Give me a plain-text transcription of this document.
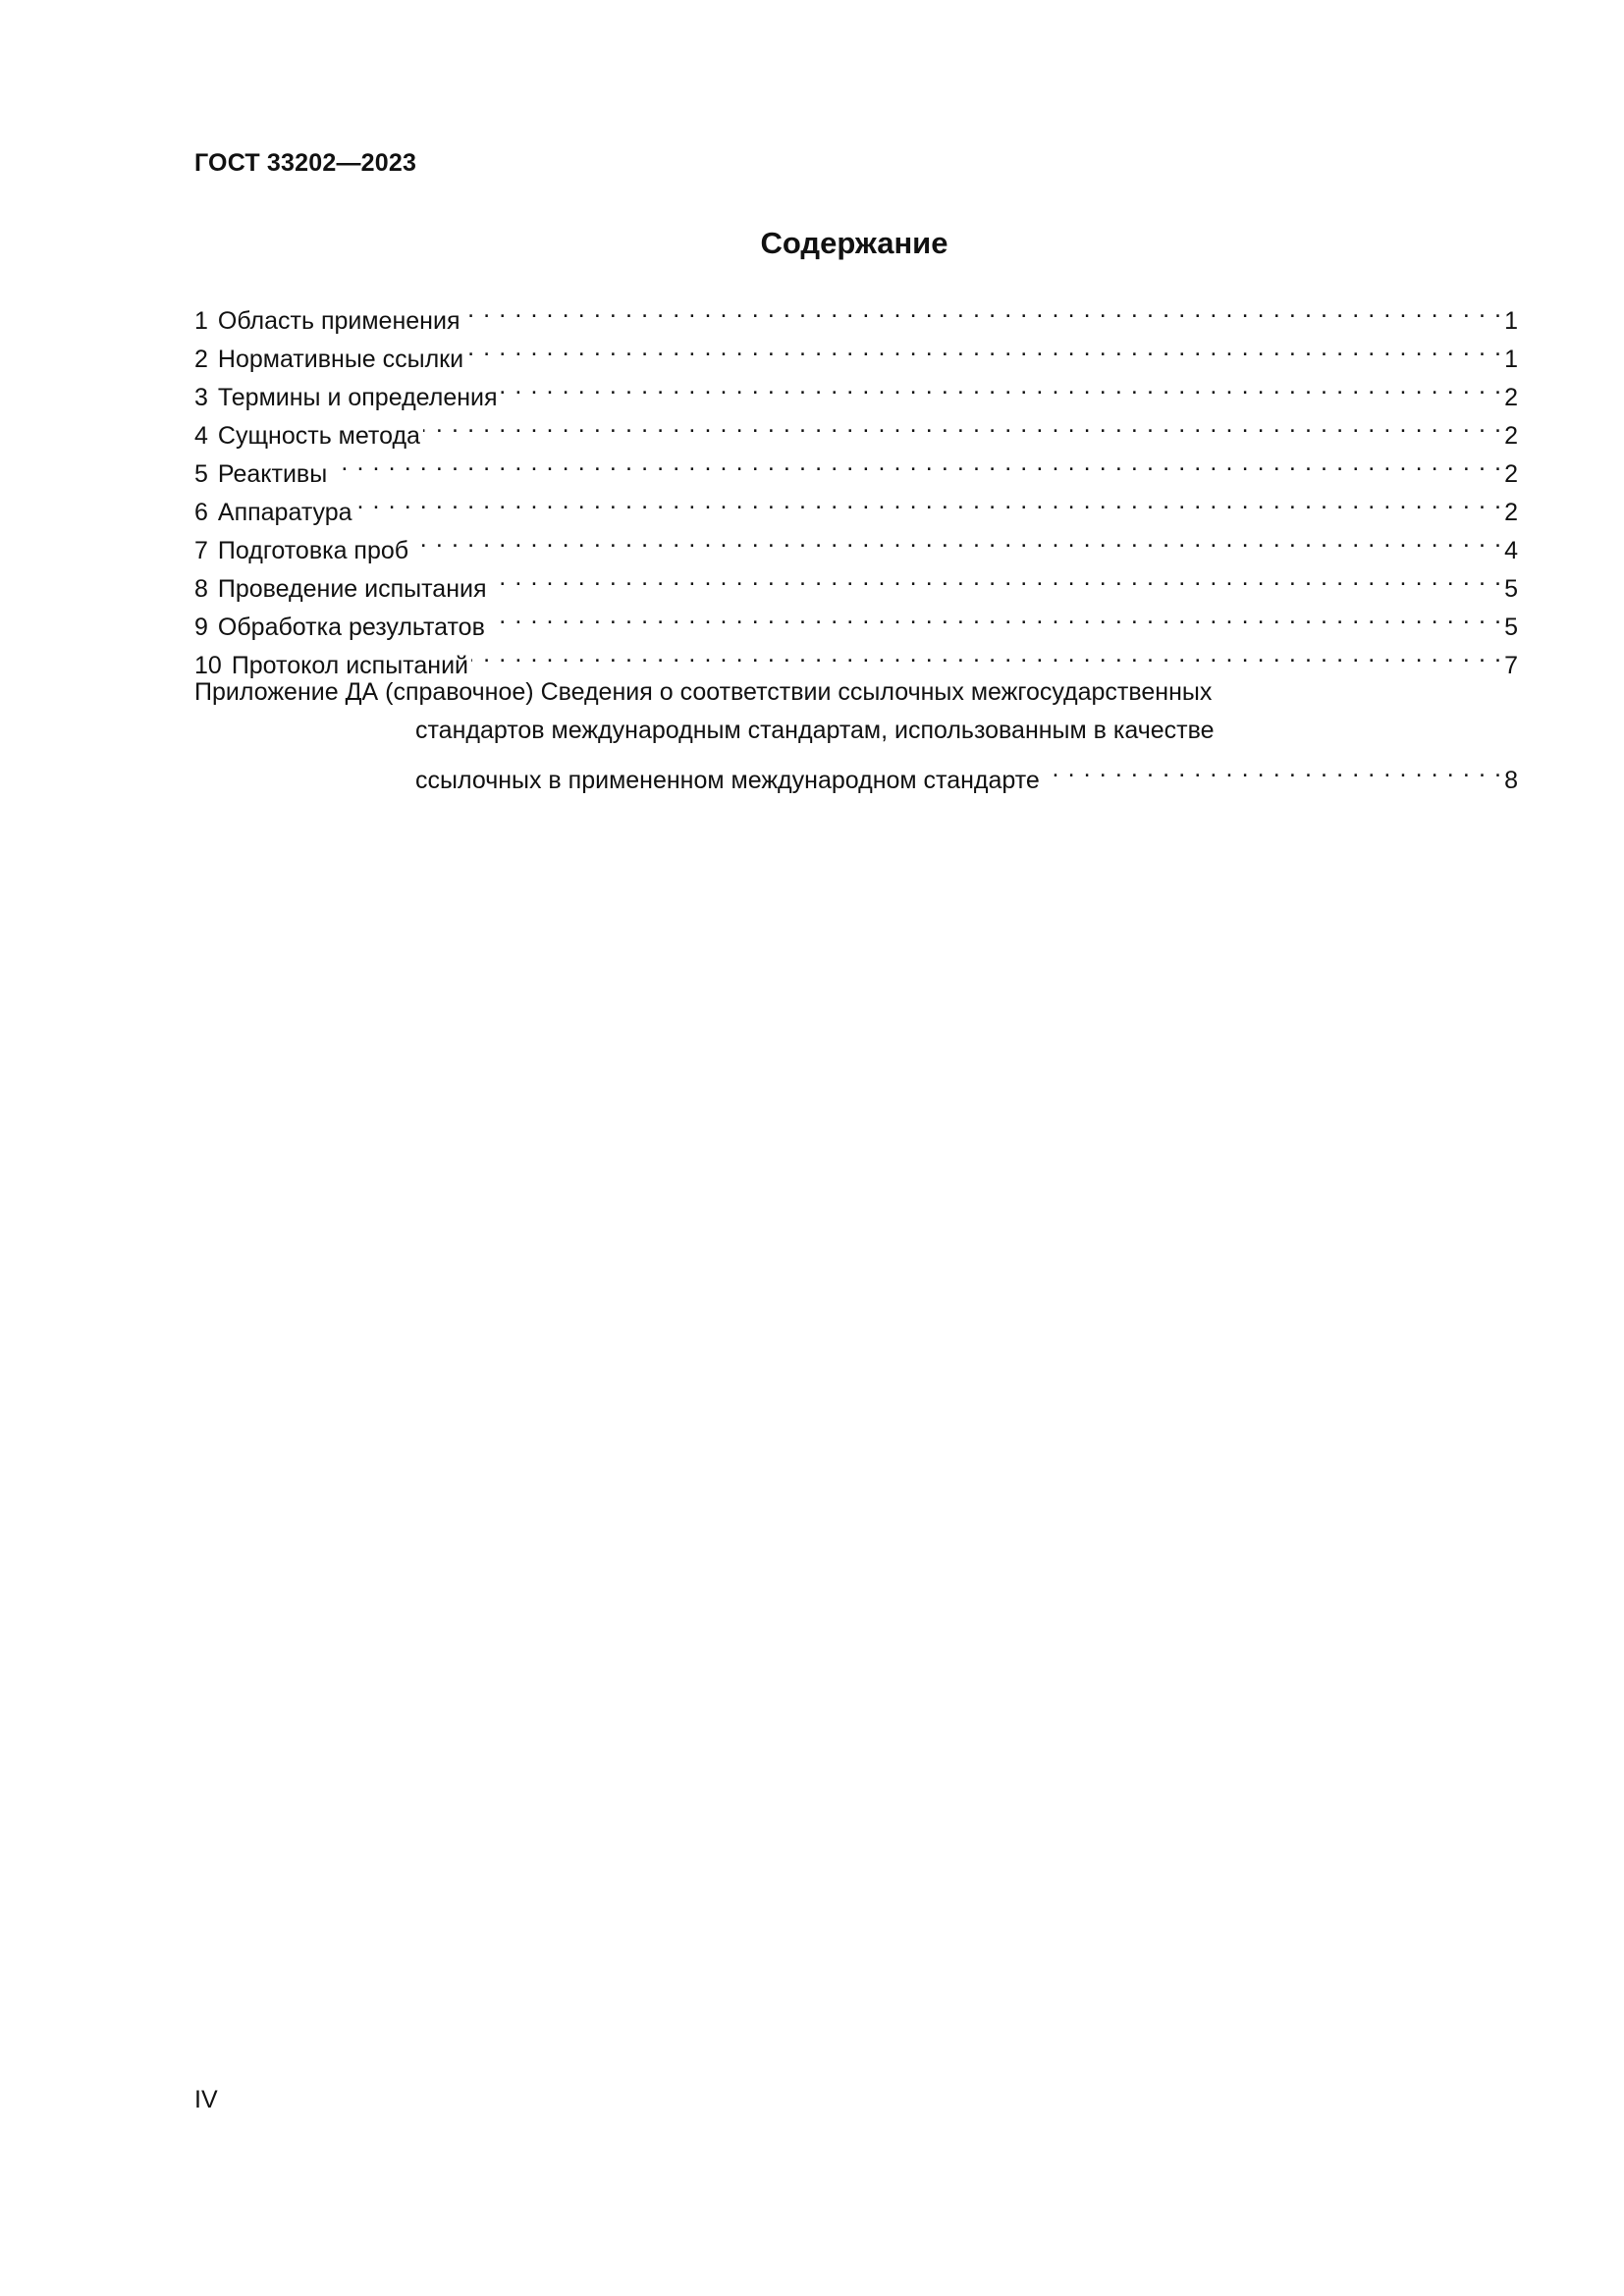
ГОСТ 33202—2023
Содержание
1 Область применения . . .	1
2 Нормативные ссылки . . .	1
3 Термины и определения . . .	2
4 Сущность метода . . .	2
5 Реактивы . . .	2
6 Аппаратура . . .	2
7 Подготовка проб . . .	4
8 Проведение испытания . . .	5
9 Обработка результатов . . .	5
10 Протокол испытаний . . .	7
Приложение ДА (справочное) Сведения о соответствии ссылочных межгосударственных
стандартов международным стандартам, использованным в качестве
ссылочных в примененном международном стандарте . . .	8
IV
